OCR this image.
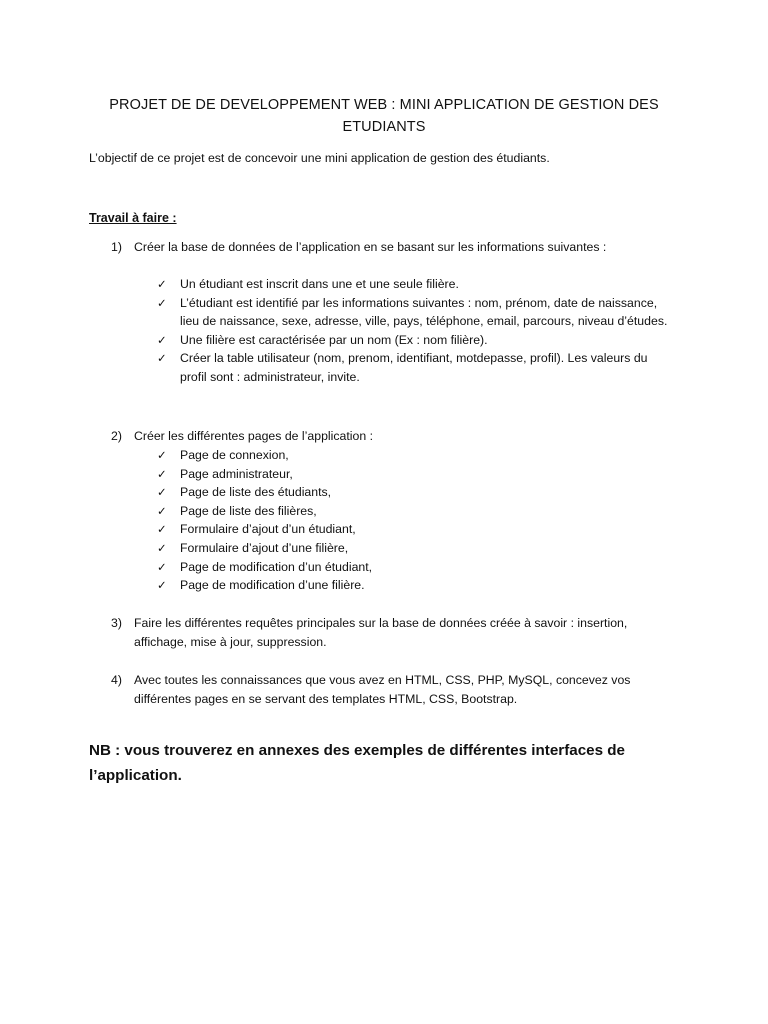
PROJET DE DE DEVELOPPEMENT WEB : MINI APPLICATION DE GESTION DES
ETUDIANTS
L’objectif de ce projet est de concevoir une mini application de gestion des étudiants.
Travail à faire :
1) Créer la base de données de l’application en se basant sur les informations suivantes :
✓ Un étudiant est inscrit dans une et une seule filière.
✓ L’étudiant est identifié par les informations suivantes : nom, prénom, date de naissance,
lieu de naissance, sexe, adresse, ville, pays, téléphone, email, parcours, niveau d’études.
✓ Une filière est caractérisée par un nom (Ex : nom filière).
✓ Créer la table utilisateur (nom, prenom, identifiant, motdepasse, profil). Les valeurs du
profil sont : administrateur, invite.
2) Créer les différentes pages de l’application :
✓ Page de connexion,
✓ Page administrateur,
✓ Page de liste des étudiants,
✓ Page de liste des filières,
✓ Formulaire d’ajout d’un étudiant,
✓ Formulaire d’ajout d’une filière,
✓ Page de modification d’un étudiant,
✓ Page de modification d’une filière.
3) Faire les différentes requêtes principales sur la base de données créée à savoir : insertion,
affichage, mise à jour, suppression.
4) Avec toutes les connaissances que vous avez en HTML, CSS, PHP, MySQL, concevez vos
différentes pages en se servant des templates HTML, CSS, Bootstrap.
NB : vous trouverez en annexes des exemples de différentes interfaces de
l’application.
